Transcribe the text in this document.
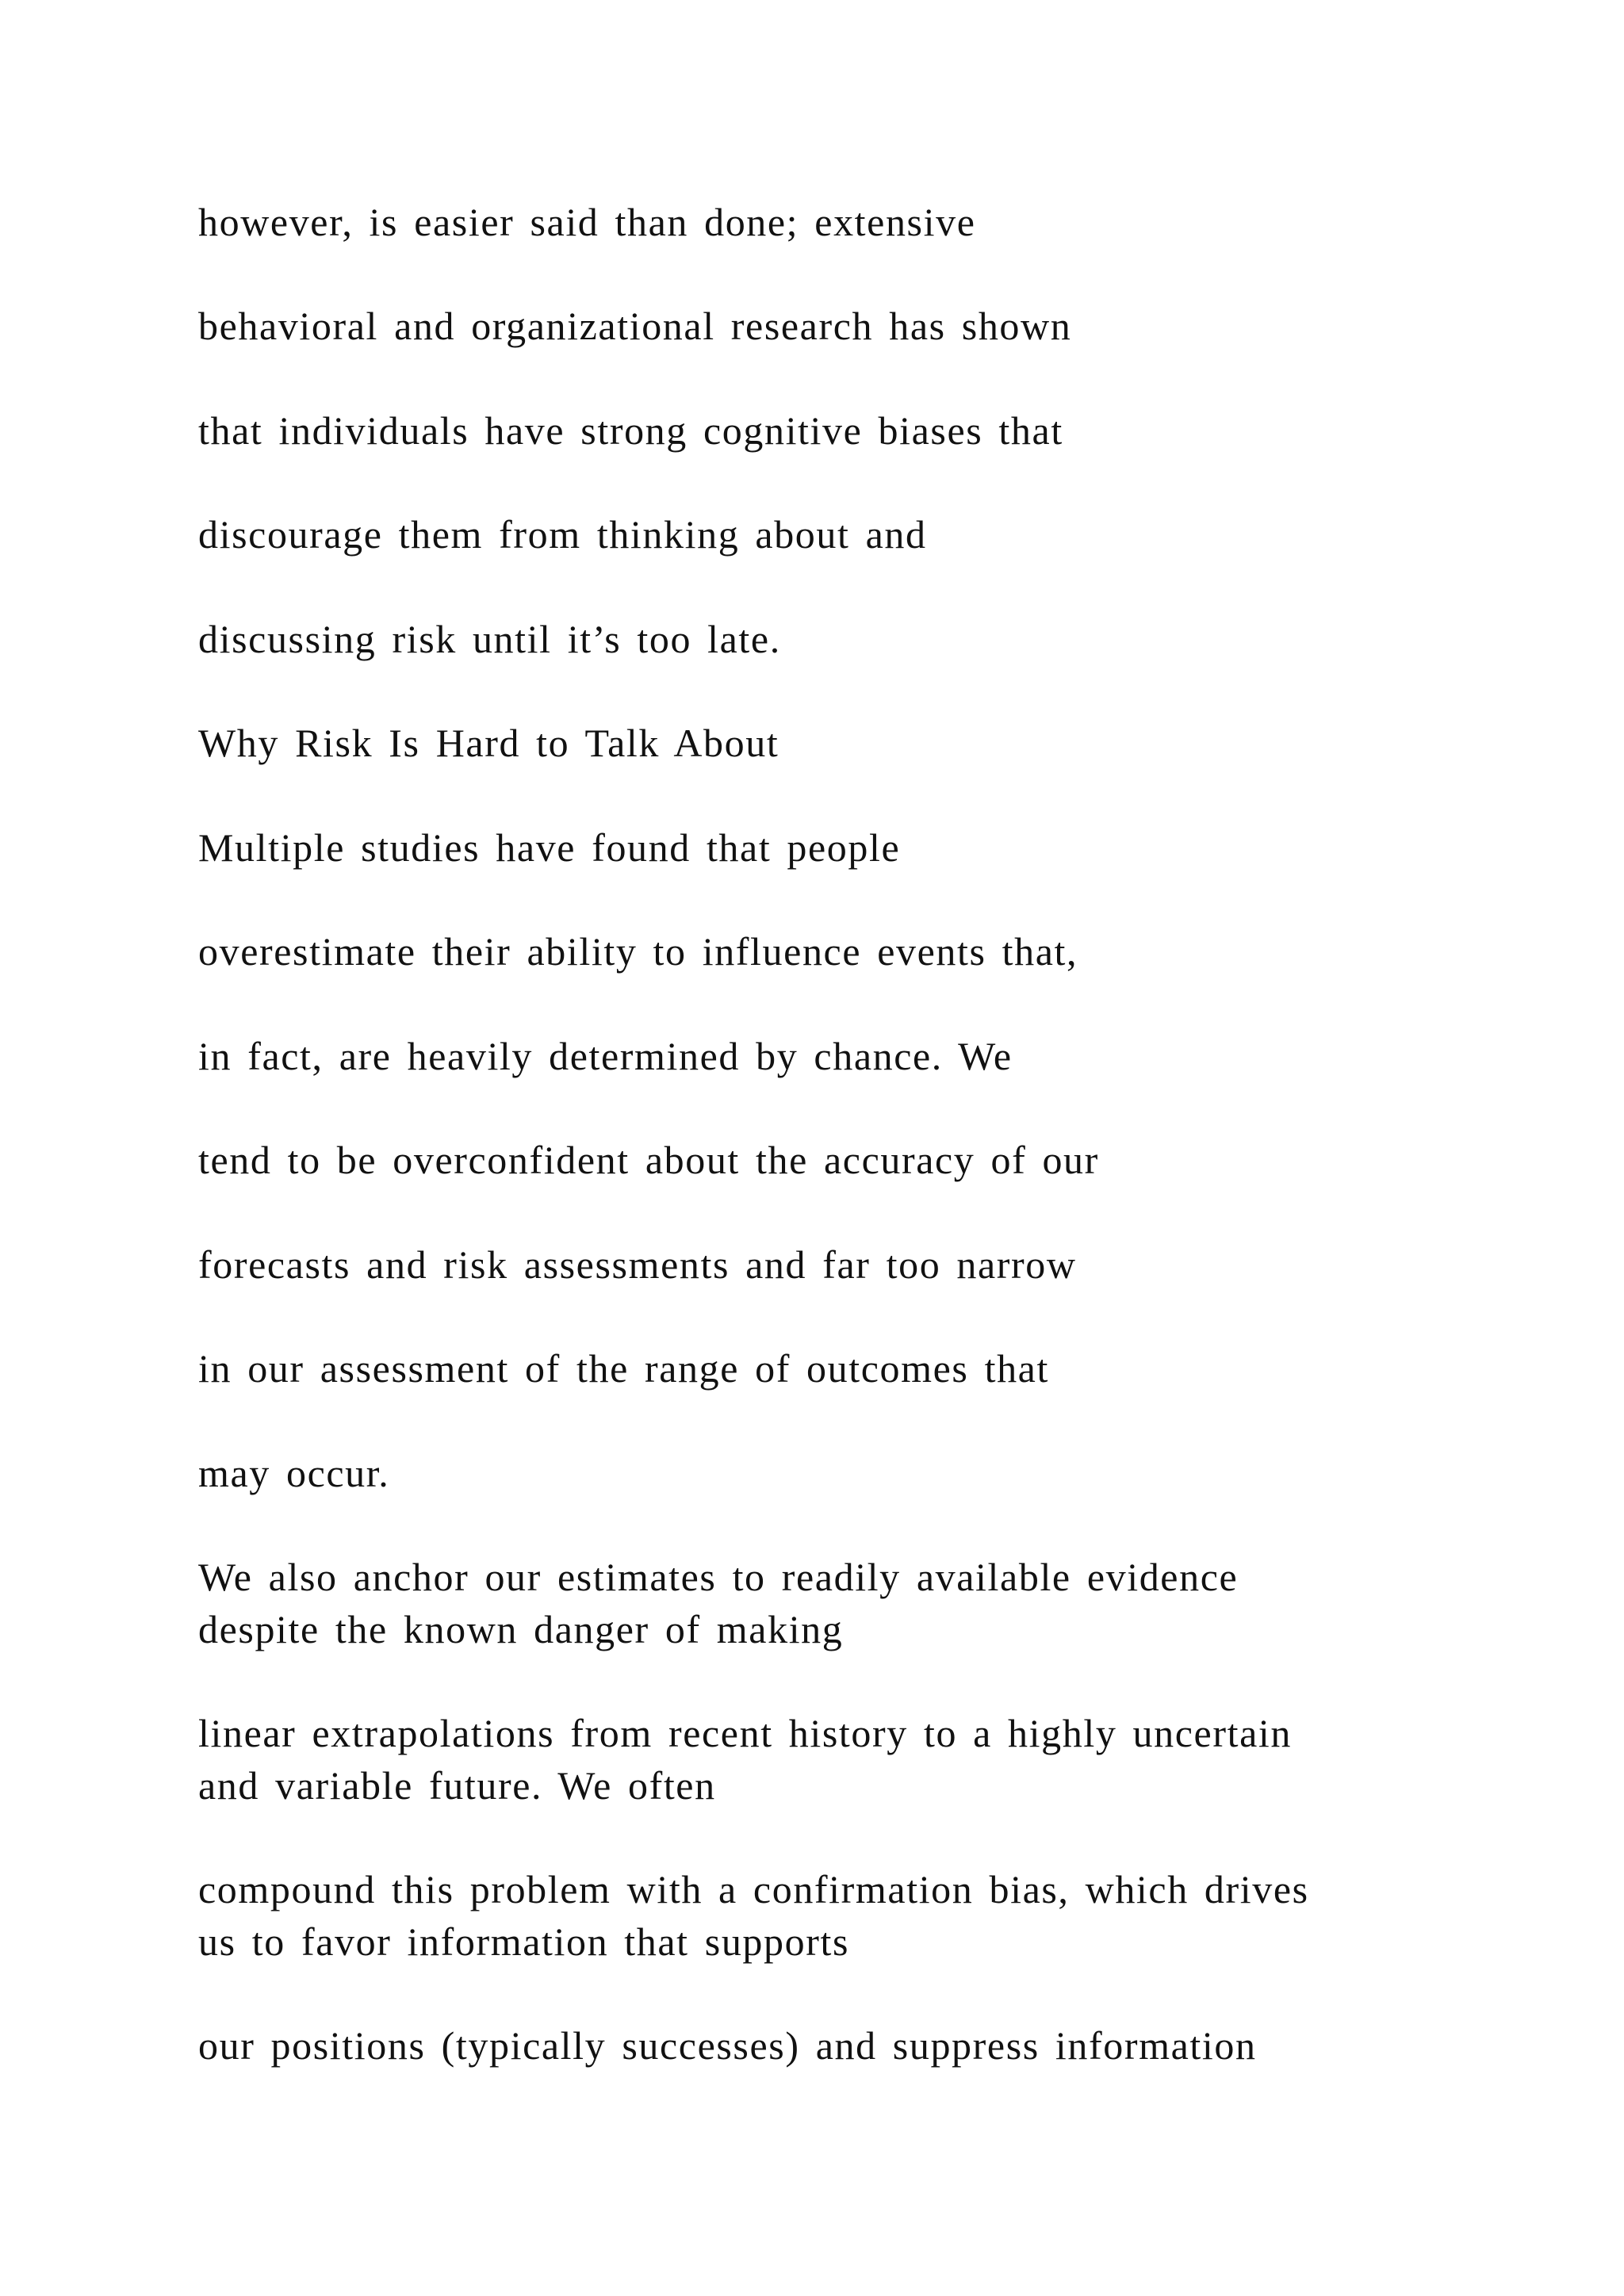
however, is easier said than done; extensive
behavioral and organizational research has shown
that individuals have strong cognitive biases that
discourage them from thinking about and
discussing risk until it’s too late.
Why Risk Is Hard to Talk About
Multiple studies have found that people
overestimate their ability to influence events that,
in fact, are heavily determined by chance. We
tend to be overconfident about the accuracy of our
forecasts and risk assessments and far too narrow
in our assessment of the range of outcomes that
may occur.
We also anchor our estimates to readily available evidence
despite the known danger of making
linear extrapolations from recent history to a highly uncertain
and variable future. We often
compound this problem with a confirmation bias, which drives
us to favor information that supports
our positions (typically successes) and suppress information
